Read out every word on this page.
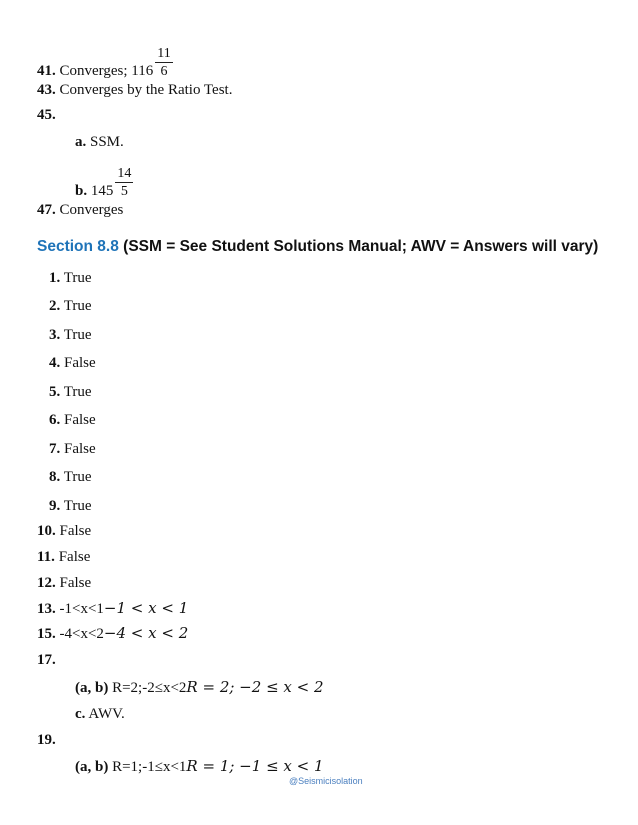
41. Converges; $116 \frac{11}{6}$
43. Converges by the Ratio Test.
45.
a. SSM.
b. $145 \frac{14}{5}$
47. Converges
Section 8.8 (SSM = See Student Solutions Manual; AWV = Answers will vary)
1. True
2. True
3. True
4. False
5. True
6. False
7. False
8. True
9. True
10. False
11. False
12. False
13. -1<x<1−1 < x < 1
15. -4<x<2−4 < x < 2
17.
(a, b) R=2;-2≤x<2R = 2; −2 ≤ x < 2
c. AWV.
19.
(a, b) R=1;-1≤x<1R = 1; −1 ≤ x < 1
@Seismicisolation
